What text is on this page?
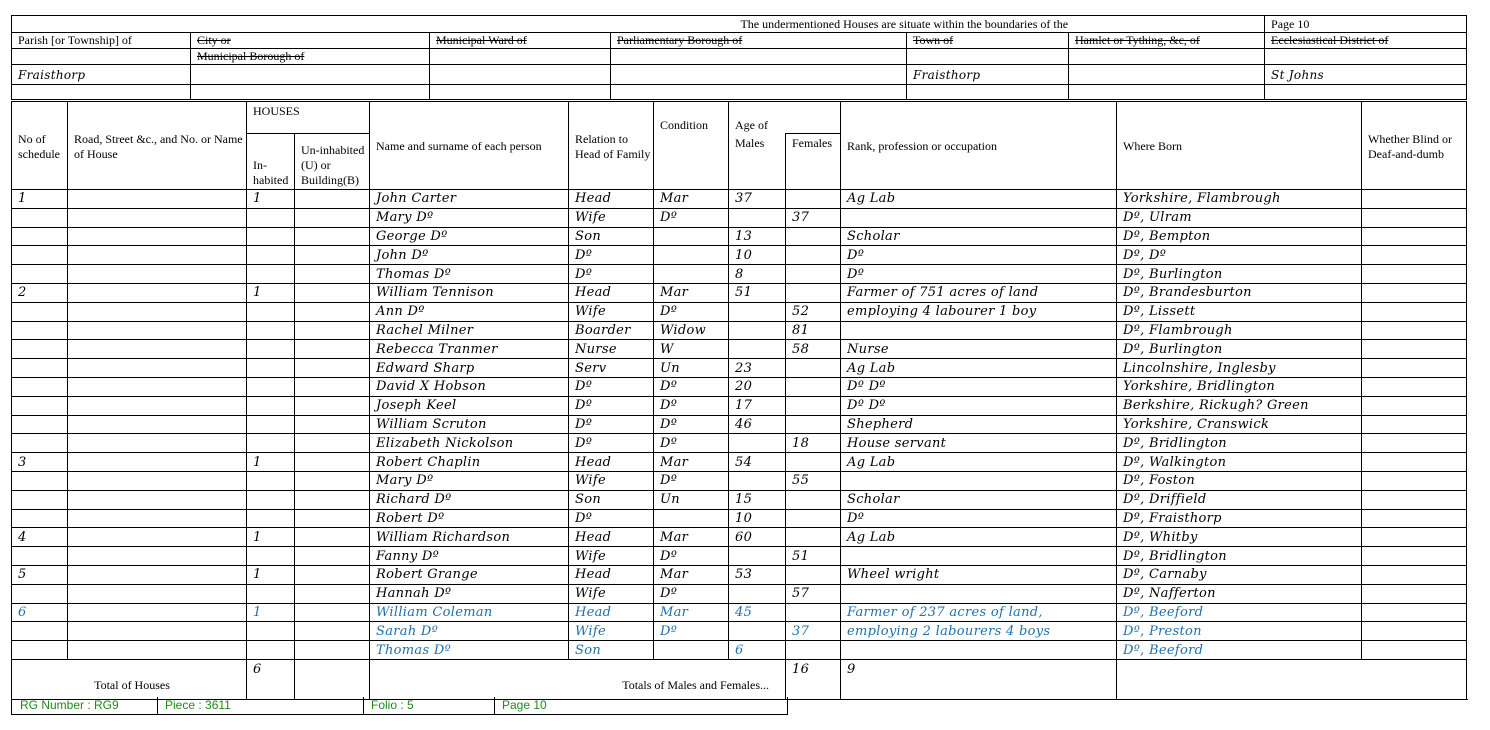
The undermentioned Houses are situate within the boundaries of the						Page 10
Parish [or Township] of	City or	Municipal Ward of	Parliamentary Borough of	Town of	Hamlet or Tything, &c, of	Ecclesiastical District of
	Municipal Borough of					
Fraisthorp				Fraisthorp		St Johns

No of schedule	Road, Street &c., and No. or Name of House	HOUSES		Name and surname of each person	Relation to Head of Family	Condition	Age of		Rank, profession or occupation	Where Born	Whether Blind or Deaf-and-dumb
		In-habited	Un-inhabited (U) or Building(B)				Males	Females			
1		1		John Carter	Head	Mar	37		Ag Lab	Yorkshire, Flambrough	
				Mary Dº	Wife	Dº		37		Dº, Ulram	
				George Dº	Son		13		Scholar	Dº, Bempton	
				John Dº	Dº		10		Dº	Dº, Dº	
				Thomas Dº	Dº		8		Dº	Dº, Burlington	
2		1		William Tennison	Head	Mar	51		Farmer of 751 acres of land	Dº, Brandesburton	
				Ann Dº	Wife	Dº		52	employing 4 labourer 1 boy	Dº, Lissett	
				Rachel Milner	Boarder	Widow		81		Dº, Flambrough	
				Rebecca Tranmer	Nurse	W		58	Nurse	Dº, Burlington	
				Edward Sharp	Serv	Un	23		Ag Lab	Lincolnshire, Inglesby	
				David X Hobson	Dº	Dº	20		Dº Dº	Yorkshire, Bridlington	
				Joseph Keel	Dº	Dº	17		Dº Dº	Berkshire, Rickugh? Green	
				William Scruton	Dº	Dº	46		Shepherd	Yorkshire, Cranswick	
				Elizabeth Nickolson	Dº	Dº		18	House servant	Dº, Bridlington	
3		1		Robert Chaplin	Head	Mar	54		Ag Lab	Dº, Walkington	
				Mary Dº	Wife	Dº		55		Dº, Foston	
				Richard Dº	Son	Un	15		Scholar	Dº, Driffield	
				Robert Dº	Dº		10		Dº	Dº, Fraisthorp	
4		1		William Richardson	Head	Mar	60		Ag Lab	Dº, Whitby	
				Fanny Dº	Wife	Dº		51		Dº, Bridlington	
5		1		Robert Grange	Head	Mar	53		Wheel wright	Dº, Carnaby	
				Hannah Dº	Wife	Dº		57		Dº, Nafferton	
6		1		William Coleman	Head	Mar	45		Farmer of 237 acres of land,	Dº, Beeford	
				Sarah Dº	Wife	Dº		37	employing 2 labourers 4 boys	Dº, Preston	
				Thomas Dº	Son		6			Dº, Beeford	
Total of Houses		6		Totals of Males and Females...				16	9		
RG Number : RG9	Piece : 3611	Folio : 5	Page 10
